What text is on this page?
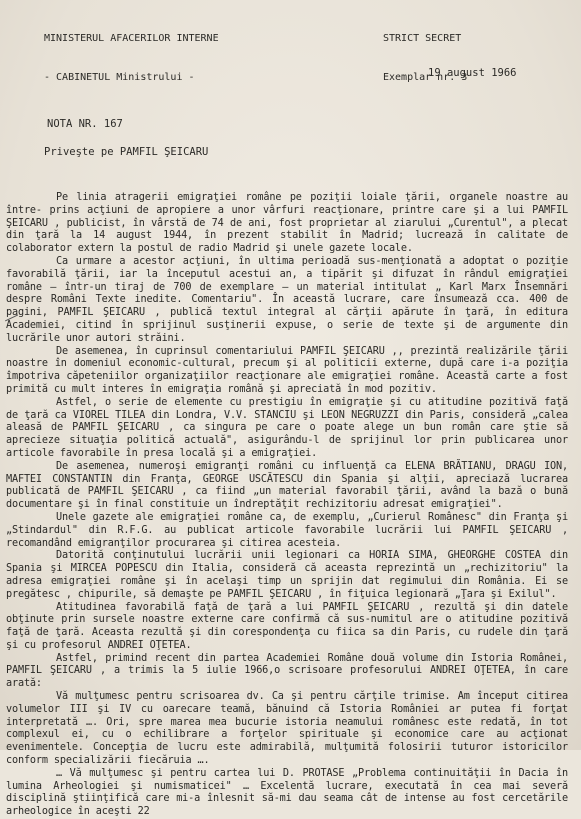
MINISTERUL AFACERILOR INTERNE

- CABINETUL Ministrului -

STRICT SECRET

Exemplar nr. 3

19 august 1966
NOTA NR. 167
Priveşte pe PAMFIL ŞEICARU

Pe linia atragerii emigraţiei române pe poziţii loiale ţării, organele noastre au între- prins acţiuni de apropiere a unor vârfuri reacţionare, printre care şi a lui PAMFIL ŞEICARU , publicist, în vârstă de 74 de ani, fost proprietar al ziarului „Curentul", a plecat din ţară la 14 august 1944, în prezent stabilit în Madrid; lucrează în calitate de colaborator extern la postul de radio Madrid şi unele gazete locale.

Ca urmare a acestor acţiuni, în ultima perioadă sus-menţionată a adoptat o poziţie favorabilă ţării, iar la începutul acestui an, a tipărit şi difuzat în rândul emigraţiei române – într-un tiraj de 700 de exemplare – un material intitulat „ Karl Marx Însemnări despre Români Texte inedite. Comentariu". În această lucrare, care însumează cca. 400 de pagini, PAMFIL ŞEICARU , publică textul integral al cărţii apărute în ţară, în editura Academiei, citind în sprijinul susţinerii expuse, o serie de texte şi de argumente din lucrările unor autori străini.

De asemenea, în cuprinsul comentariului PAMFIL ŞEICARU ,, prezintă realizările ţării noastre în domeniul economic-cultural, precum şi al politicii externe, după care i-a poziţia împotriva căpeteniilor organizaţiilor reacţionare ale emigraţiei române. Această carte a fost primită cu mult interes în emigraţia română şi apreciată în mod pozitiv.

Astfel, o serie de elemente cu prestigiu în emigraţie şi cu atitudine pozitivă faţă de ţară ca VIOREL TILEA din Londra, V.V. STANCIU şi LEON NEGRUZZI din Paris, consideră „calea aleasă de PAMFIL ŞEICARU , ca singura pe care o poate alege un bun român care ştie să aprecieze situaţia politică actuală", asigurându-l de sprijinul lor prin publicarea unor articole favorabile în presa locală şi a emigraţiei.

De asemenea, numeroşi emigranţi români cu influenţă ca ELENA BRĂTIANU, DRAGU ION, MAFTEI CONSTANTIN din Franţa, GEORGE USCĂTESCU din Spania şi alţii, apreciază lucrarea publicată de PAMFIL ŞEICARU , ca fiind „un material favorabil ţării, având la bază o bună documentare şi în final constituie un îndreptăţit rechizitoriu adresat emigraţiei".

Unele gazete ale emigraţiei române ca, de exemplu, „Curierul Românesc" din Franţa şi „Stindardul" din R.F.G. au publicat articole favorabile lucrării lui PAMFIL ŞEICARU , recomandând emigranţilor procurarea şi citirea acesteia.

Datorită conţinutului lucrării unii legionari ca HORIA SIMA, GHEORGHE COSTEA din Spania şi MIRCEA POPESCU din Italia, consideră că aceasta reprezintă un „rechizitoriu" la adresa emigraţiei române şi în acelaşi timp un sprijin dat regimului din România. Ei se pregătesc , chipurile, să demaşte pe PAMFIL ŞEICARU , în fiţuica legionară „Ţara şi Exilul".

Atitudinea favorabilă faţă de ţară a lui PAMFIL ŞEICARU , rezultă şi din datele obţinute prin sursele noastre externe care confirmă că sus-numitul are o atitudine pozitivă faţă de ţară. Aceasta rezultă şi din corespondenţa cu fiica sa din Paris, cu rudele din ţară şi cu profesorul ANDREI OŢETEA.

Astfel, primind recent din partea Academiei Române două volume din Istoria Românei, PAMFIL ŞEICARU , a trimis la 5 iulie 1966,o scrisoare profesorului ANDREI OŢETEA, în care arată:

Vă mulţumesc pentru scrisoarea dv. Ca şi pentru cărţile trimise. Am început citirea volumelor III şi IV cu oarecare teamă, bănuind că Istoria României ar putea fi forţat interpretată …. Ori, spre marea mea bucurie istoria neamului românesc este redată, în tot complexul ei, cu o echilibrare a forţelor spirituale şi economice care au acţionat evenimentele. Concepţia de lucru este admirabilă, mulţumită folosirii tuturor istoricilor conform specializării fiecăruia ….

… Vă mulţumesc şi pentru cartea lui D. PROTASE „Problema continuităţii în Dacia în lumina Arheologiei şi numismaticei" … Excelentă lucrare, executată în cea mai severă disciplină ştiinţifică care mi-a înlesnit să-mi dau seama cât de intense au fost cercetările arheologice în aceşti 22
